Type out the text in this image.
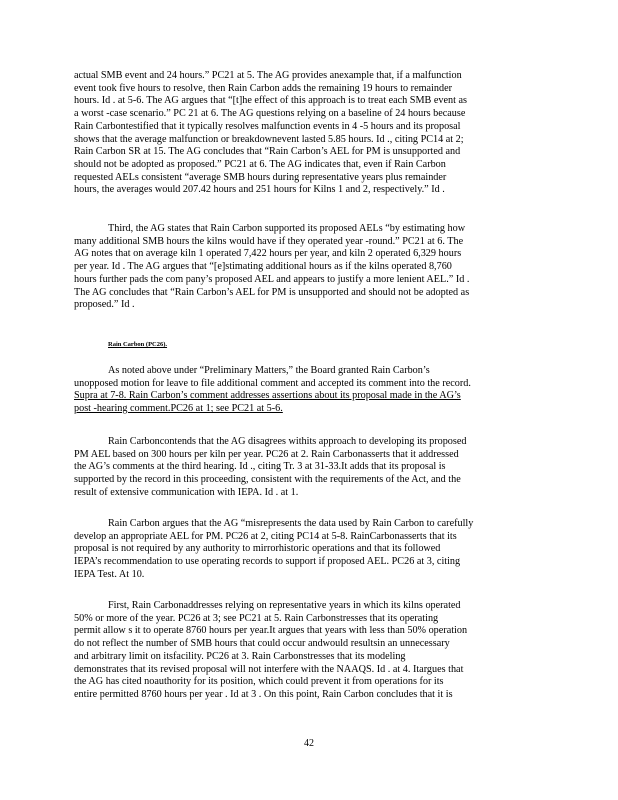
actual SMB event and 24 hours.” PC21 at 5. The AG provides anexample that, if a malfunction
event took five hours to resolve, then Rain Carbon adds the remaining 19 hours to remainder
hours. Id . at 5-6. The AG argues that “[t]he effect of this approach is to treat each SMB event as
a worst -case scenario.” PC 21 at 6. The AG questions relying on a baseline of 24 hours because
Rain Carbontestified that it typically resolves malfunction events in 4 -5 hours and its proposal
shows that the average malfunction or breakdownevent lasted 5.85 hours. Id ., citing PC14 at 2;
Rain Carbon SR at 15. The AG concludes that “Rain Carbon’s AEL for PM is unsupported and
should not be adopted as proposed.” PC21 at 6. The AG indicates that, even if Rain Carbon
requested AELs consistent “average SMB hours during representative years plus remainder
hours, the averages would 207.42 hours and 251 hours for Kilns 1 and 2, respectively.” Id .
Third, the AG states that Rain Carbon supported its proposed AELs “by estimating how
many additional SMB hours the kilns would have if they operated year -round.” PC21 at 6. The
AG notes that on average kiln 1 operated 7,422 hours per year, and kiln 2 operated 6,329 hours
per year. Id . The AG argues that “[e]stimating additional hours as if the kilns operated 8,760
hours further pads the com pany’s proposed AEL and appears to justify a more lenient AEL.” Id .
The AG concludes that “Rain Carbon’s AEL for PM is unsupported and should not be adopted as
proposed.” Id .

Rain Carbon (PC26).

As noted above under “Preliminary Matters,” the Board granted Rain Carbon’s
unopposed motion for leave to file additional comment and accepted its comment into the record.
Supra at 7-8. Rain Carbon’s comment addresses assertions about its proposal made in the AG’s
post -hearing comment.PC26 at 1; see PC21 at 5-6.
Rain Carboncontends that the AG disagrees withits approach to developing its proposed
PM AEL based on 300 hours per kiln per year. PC26 at 2. Rain Carbonasserts that it addressed
the AG’s comments at the third hearing. Id ., citing Tr. 3 at 31-33.It adds that its proposal is
supported by the record in this proceeding, consistent with the requirements of the Act, and the
result of extensive communication with IEPA. Id . at 1.
Rain Carbon argues that the AG “misrepresents the data used by Rain Carbon to carefully
develop an appropriate AEL for PM. PC26 at 2, citing PC14 at 5-8. RainCarbonasserts that its
proposal is not required by any authority to mirrorhistoric operations and that its followed
IEPA’s recommendation to use operating records to support if proposed AEL. PC26 at 3, citing
IEPA Test. At 10.
First, Rain Carbonaddresses relying on representative years in which its kilns operated
50% or more of the year. PC26 at 3; see PC21 at 5. Rain Carbonstresses that its operating
permit allow s it to operate 8760 hours per year.It argues that years with less than 50% operation
do not reflect the number of SMB hours that could occur andwould resultsin an unnecessary
and arbitrary limit on itsfacility. PC26 at 3. Rain Carbonstresses that its modeling
demonstrates that its revised proposal will not interfere with the NAAQS. Id . at 4. Itargues that
the AG has cited noauthority for its position, which could prevent it from operations for its
entire permitted 8760 hours per year . Id at 3 . On this point, Rain Carbon concludes that it is

42
